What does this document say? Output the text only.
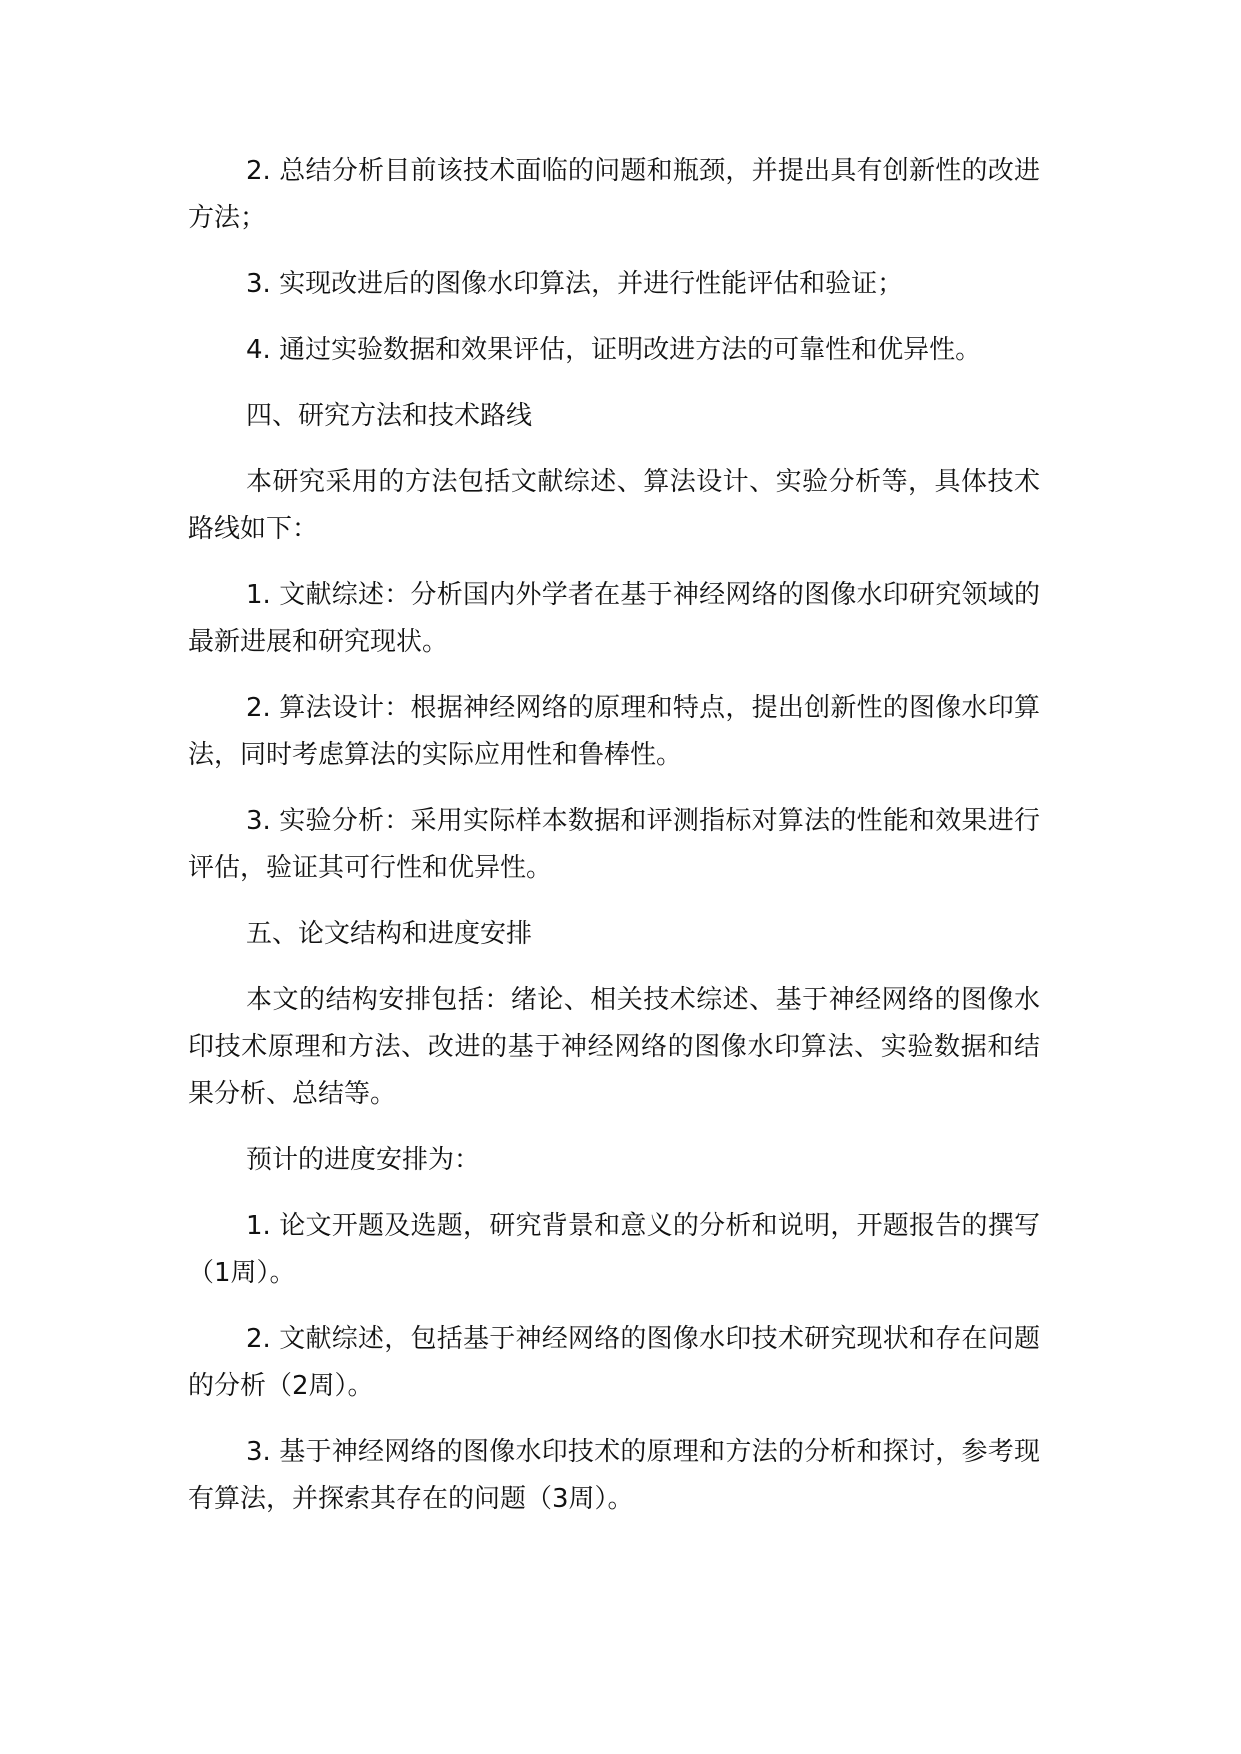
2. 总结分析目前该技术面临的问题和瓶颈，并提出具有创新性的改进方法；

3. 实现改进后的图像水印算法，并进行性能评估和验证；

4. 通过实验数据和效果评估，证明改进方法的可靠性和优异性。

四、研究方法和技术路线

本研究采用的方法包括文献综述、算法设计、实验分析等，具体技术路线如下：

1. 文献综述：分析国内外学者在基于神经网络的图像水印研究领域的最新进展和研究现状。

2. 算法设计：根据神经网络的原理和特点，提出创新性的图像水印算法，同时考虑算法的实际应用性和鲁棒性。

3. 实验分析：采用实际样本数据和评测指标对算法的性能和效果进行评估，验证其可行性和优异性。

五、论文结构和进度安排

本文的结构安排包括：绪论、相关技术综述、基于神经网络的图像水印技术原理和方法、改进的基于神经网络的图像水印算法、实验数据和结果分析、总结等。

预计的进度安排为：

1. 论文开题及选题，研究背景和意义的分析和说明，开题报告的撰写（1周）。

2. 文献综述，包括基于神经网络的图像水印技术研究现状和存在问题的分析（2周）。

3. 基于神经网络的图像水印技术的原理和方法的分析和探讨，参考现有算法，并探索其存在的问题（3周）。
